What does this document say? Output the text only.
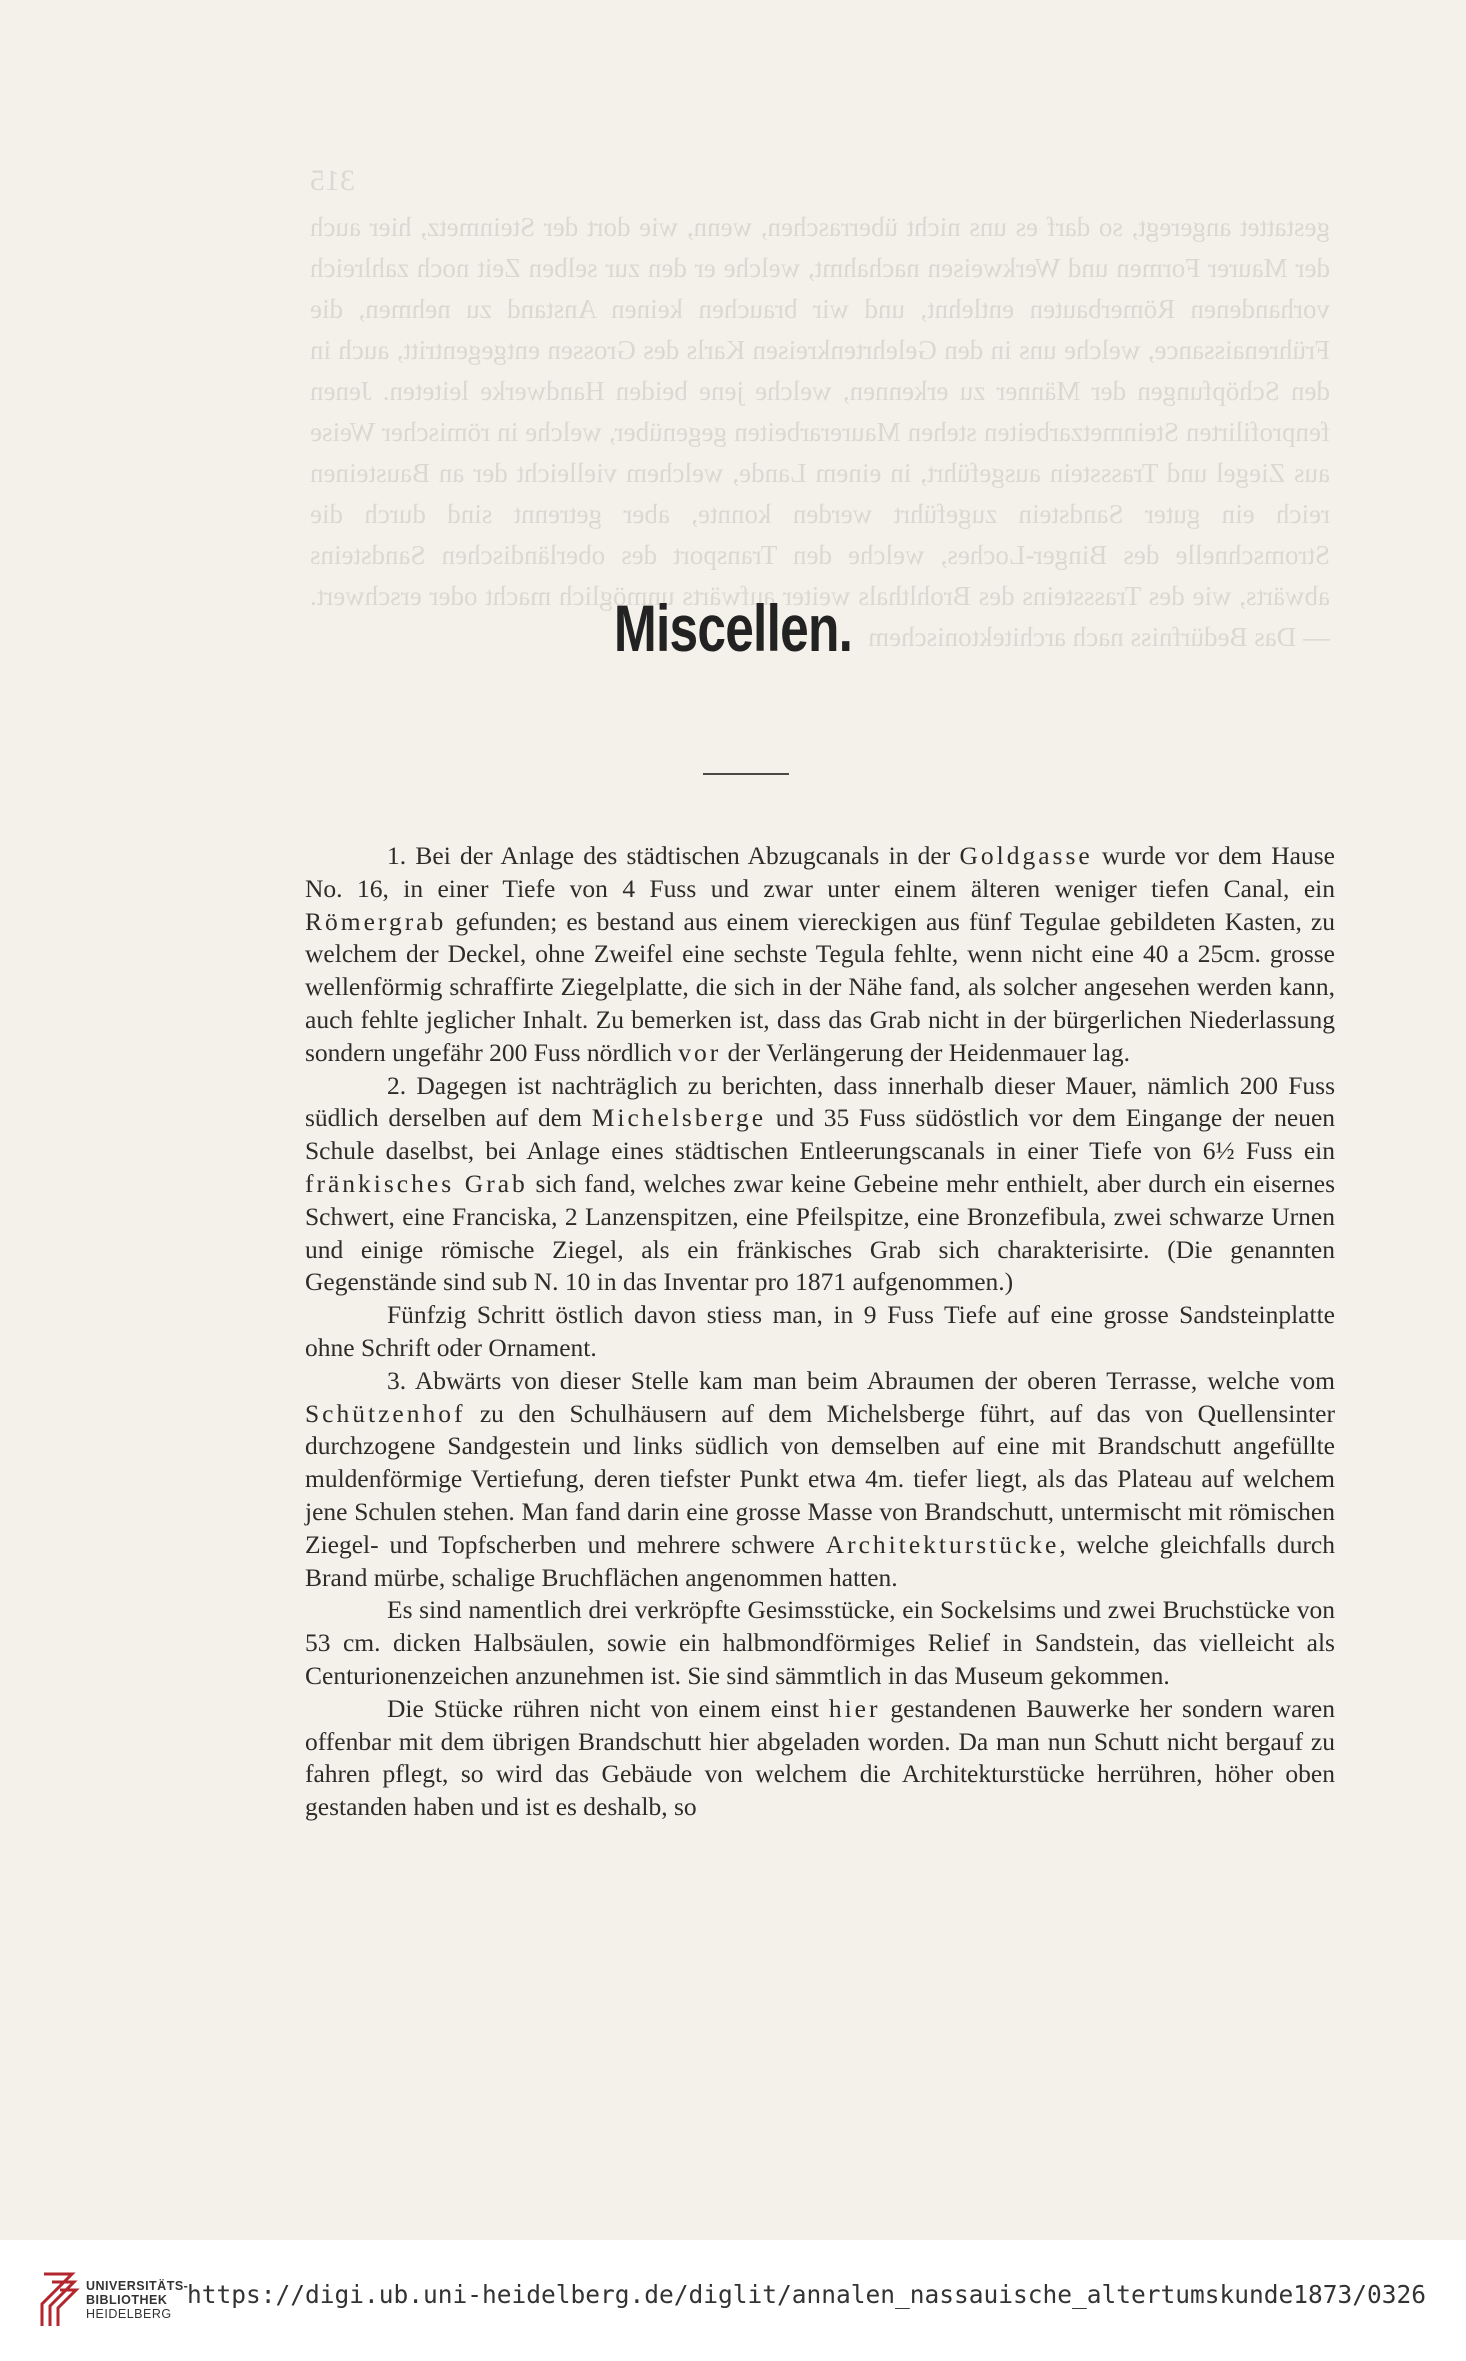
315
gestattet angeregt, so darf es uns nicht überraschen, wenn, wie dort der Steinmetz, hier auch der Maurer Formen und Werkweisen nachahmt, welche er den zur selben Zeit noch zahlreich vorhandenen Römerbauten entlehnt, und wir brauchen keinen Anstand zu nehmen, die Frührenaissance, welche uns in den Gelehrtenkreisen Karls des Grossen entgegentritt, auch in den Schöpfungen der Männer zu erkennen, welche jene beiden Handwerke leiteten. Jenen fenprofilirten Steinmetzarbeiten stehen Maurerarbeiten gegenüber, welche in römischer Weise aus Ziegel und Trassstein ausgeführt, in einem Lande, welchem vielleicht der an Bausteinen reich ein guter Sandstein zugeführt werden konnte, aber getrennt sind durch die Stromschnelle des Binger-Loches, welche den Transport des oberländischen Sandsteins abwärts, wie des Trasssteins des Brohlthals weiter aufwärts unmöglich macht oder erschwert. — Das Bedürfniss nach architektonischem
Miscellen.

1. Bei der Anlage des städtischen Abzugcanals in der Goldgasse wurde vor dem Hause No. 16, in einer Tiefe von 4 Fuss und zwar unter einem älteren weniger tiefen Canal, ein Römergrab gefunden; es bestand aus einem viereckigen aus fünf Tegulae gebildeten Kasten, zu welchem der Deckel, ohne Zweifel eine sechste Tegula fehlte, wenn nicht eine 40 a 25cm. grosse wellenförmig schraffirte Ziegelplatte, die sich in der Nähe fand, als solcher angesehen werden kann, auch fehlte jeglicher Inhalt. Zu bemerken ist, dass das Grab nicht in der bürgerlichen Niederlassung sondern ungefähr 200 Fuss nördlich vor der Verlängerung der Heidenmauer lag.

2. Dagegen ist nachträglich zu berichten, dass innerhalb dieser Mauer, nämlich 200 Fuss südlich derselben auf dem Michelsberge und 35 Fuss südöstlich vor dem Eingange der neuen Schule daselbst, bei Anlage eines städtischen Entleerungscanals in einer Tiefe von 6½ Fuss ein fränkisches Grab sich fand, welches zwar keine Gebeine mehr enthielt, aber durch ein eisernes Schwert, eine Franciska, 2 Lanzenspitzen, eine Pfeilspitze, eine Bronzefibula, zwei schwarze Urnen und einige römische Ziegel, als ein fränkisches Grab sich charakterisirte. (Die genannten Gegenstände sind sub N. 10 in das Inventar pro 1871 aufgenommen.)

Fünfzig Schritt östlich davon stiess man, in 9 Fuss Tiefe auf eine grosse Sandsteinplatte ohne Schrift oder Ornament.

3. Abwärts von dieser Stelle kam man beim Abraumen der oberen Terrasse, welche vom Schützenhof zu den Schulhäusern auf dem Michelsberge führt, auf das von Quellensinter durchzogene Sandgestein und links südlich von demselben auf eine mit Brandschutt angefüllte muldenförmige Vertiefung, deren tiefster Punkt etwa 4m. tiefer liegt, als das Plateau auf welchem jene Schulen stehen. Man fand darin eine grosse Masse von Brandschutt, untermischt mit römischen Ziegel- und Topfscherben und mehrere schwere Architekturstücke, welche gleichfalls durch Brand mürbe, schalige Bruchflächen angenommen hatten.

Es sind namentlich drei verkröpfte Gesimsstücke, ein Sockelsims und zwei Bruchstücke von 53 cm. dicken Halbsäulen, sowie ein halbmondförmiges Relief in Sandstein, das vielleicht als Centurionenzeichen anzunehmen ist. Sie sind sämmtlich in das Museum gekommen.

Die Stücke rühren nicht von einem einst hier gestandenen Bauwerke her sondern waren offenbar mit dem übrigen Brandschutt hier abgeladen worden. Da man nun Schutt nicht bergauf zu fahren pflegt, so wird das Gebäude von welchem die Architekturstücke herrühren, höher oben gestanden haben und ist es deshalb, so

UNIVERSITÄTS-
BIBLIOTHEK
HEIDELBERG
https://digi.ub.uni-heidelberg.de/diglit/annalen_nassauische_altertumskunde1873/0326
